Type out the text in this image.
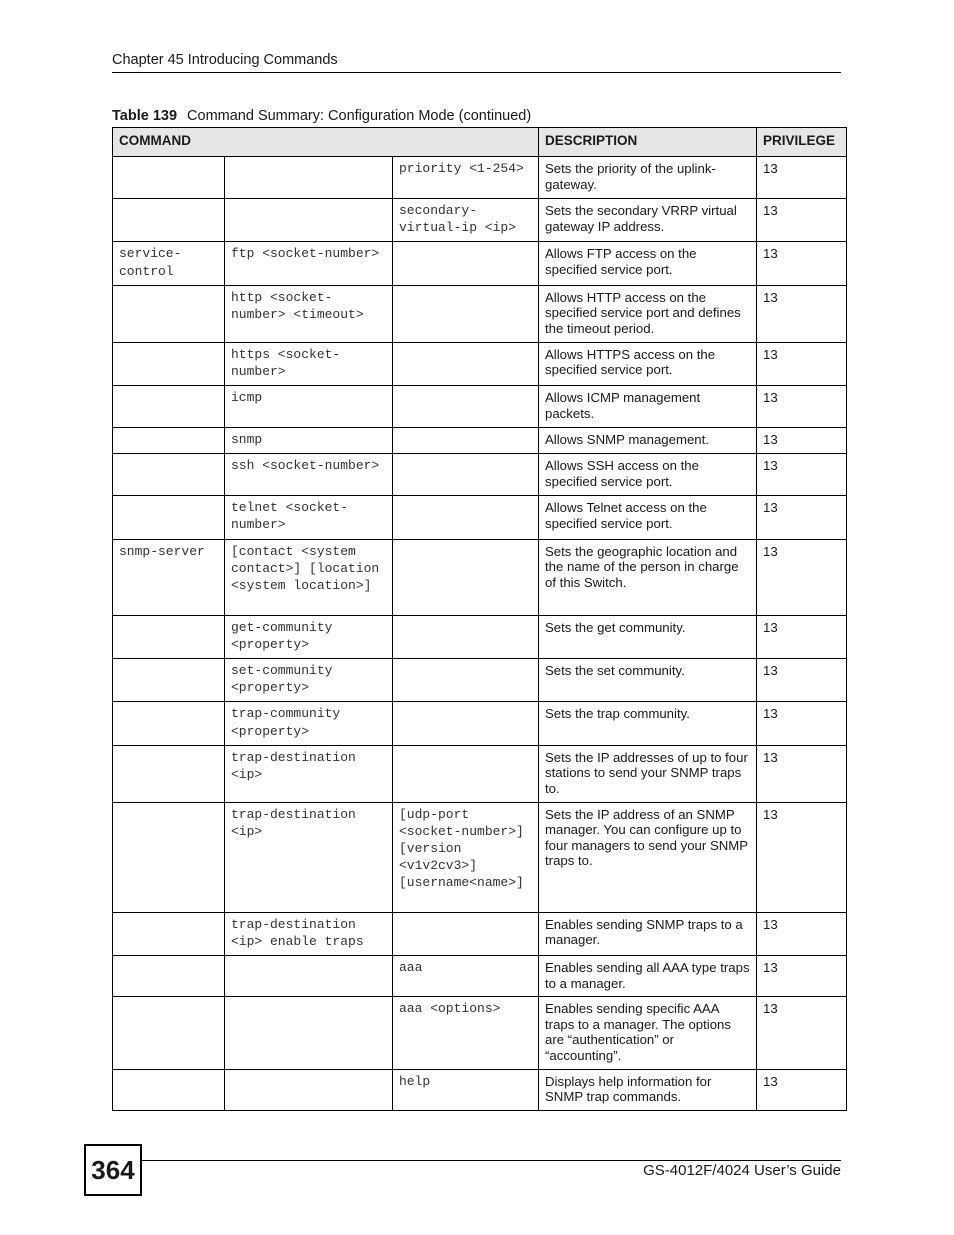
Chapter 45 Introducing Commands
Table 139 Command Summary: Configuration Mode (continued)
COMMAND			DESCRIPTION	PRIVILEGE
		priority <1-254>	Sets the priority of the uplink-gateway.	13
		secondary-virtual-ip <ip>	Sets the secondary VRRP virtual gateway IP address.	13
service-control	ftp <socket-number>		Allows FTP access on the specified service port.	13
	http <socket-number> <timeout>		Allows HTTP access on the specified service port and defines the timeout period.	13
	https <socket-number>		Allows HTTPS access on the specified service port.	13
	icmp		Allows ICMP management packets.	13
	snmp		Allows SNMP management.	13
	ssh <socket-number>		Allows SSH access on the specified service port.	13
	telnet <socket-number>		Allows Telnet access on the specified service port.	13
snmp-server	[contact <system contact>] [location <system location>]		Sets the geographic location and the name of the person in charge of this Switch.	13
	get-community <property>		Sets the get community.	13
	set-community <property>		Sets the set community.	13
	trap-community <property>		Sets the trap community.	13
	trap-destination <ip>		Sets the IP addresses of up to four stations to send your SNMP traps to.	13
	trap-destination <ip>	[udp-port <socket-number>] [version <v1v2cv3>][username<name>]	Sets the IP address of an SNMP manager. You can configure up to four managers to send your SNMP traps to.	13
	trap-destination <ip> enable traps		Enables sending SNMP traps to a manager.	13
		aaa	Enables sending all AAA type traps to a manager.	13
		aaa <options>	Enables sending specific AAA traps to a manager. The options are “authentication” or “accounting”.	13
		help	Displays help information for SNMP trap commands.	13
364	GS-4012F/4024 User’s Guide
